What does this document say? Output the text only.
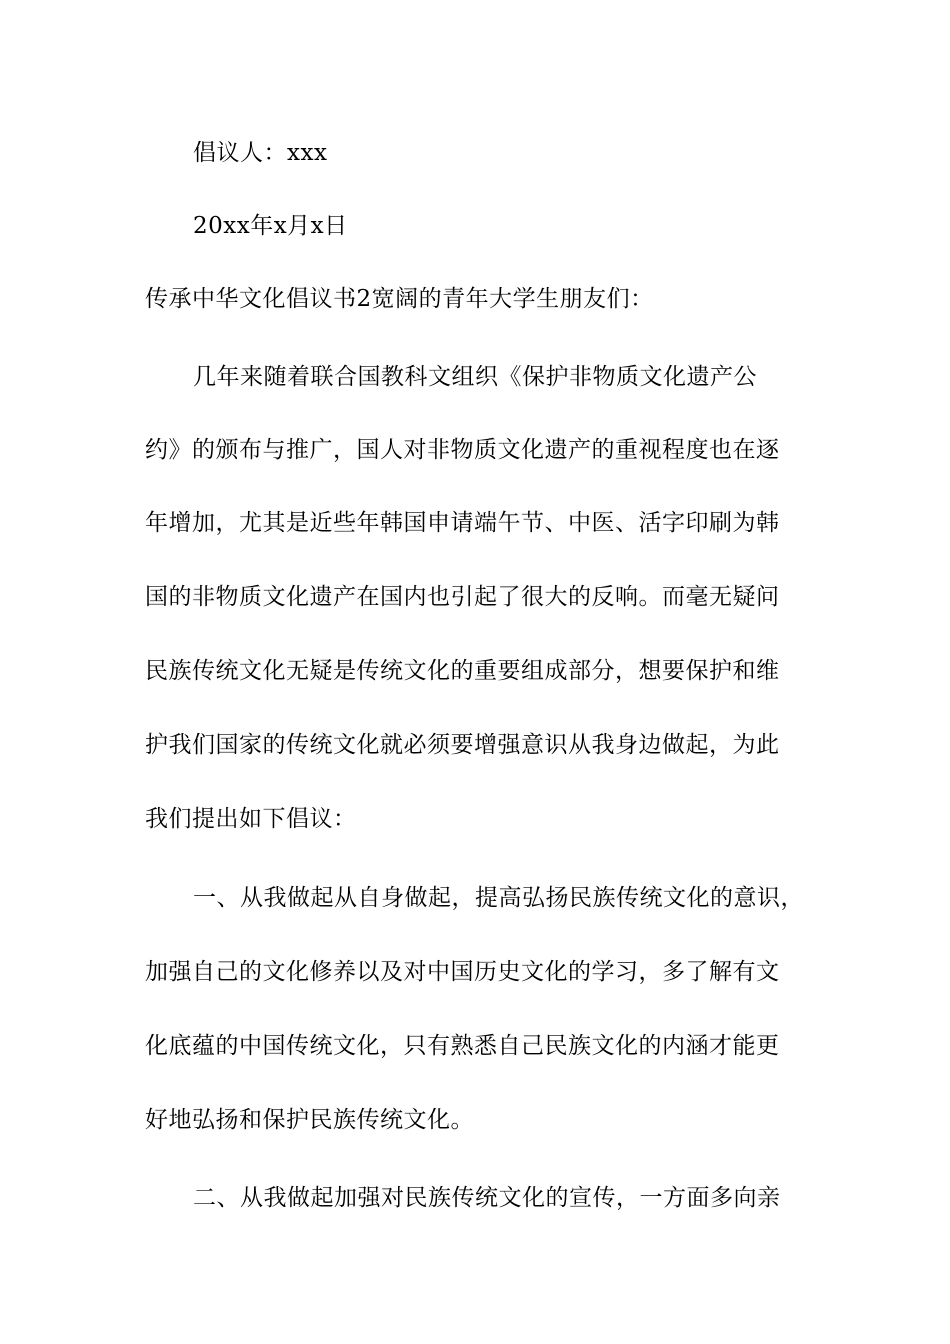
倡议人：xxx

20xx年x月x日

传承中华文化倡议书2宽阔的青年大学生朋友们：

几年来随着联合国教科文组织《保护非物质文化遗产公

约》的颁布与推广，国人对非物质文化遗产的重视程度也在逐

年增加，尤其是近些年韩国申请端午节、中医、活字印刷为韩

国的非物质文化遗产在国内也引起了很大的反响。而毫无疑问

民族传统文化无疑是传统文化的重要组成部分，想要保护和维

护我们国家的传统文化就必须要增强意识从我身边做起，为此

我们提出如下倡议：

一、从我做起从自身做起，提高弘扬民族传统文化的意识，

加强自己的文化修养以及对中国历史文化的学习，多了解有文

化底蕴的中国传统文化，只有熟悉自己民族文化的内涵才能更

好地弘扬和保护民族传统文化。

二、从我做起加强对民族传统文化的宣传，一方面多向亲
